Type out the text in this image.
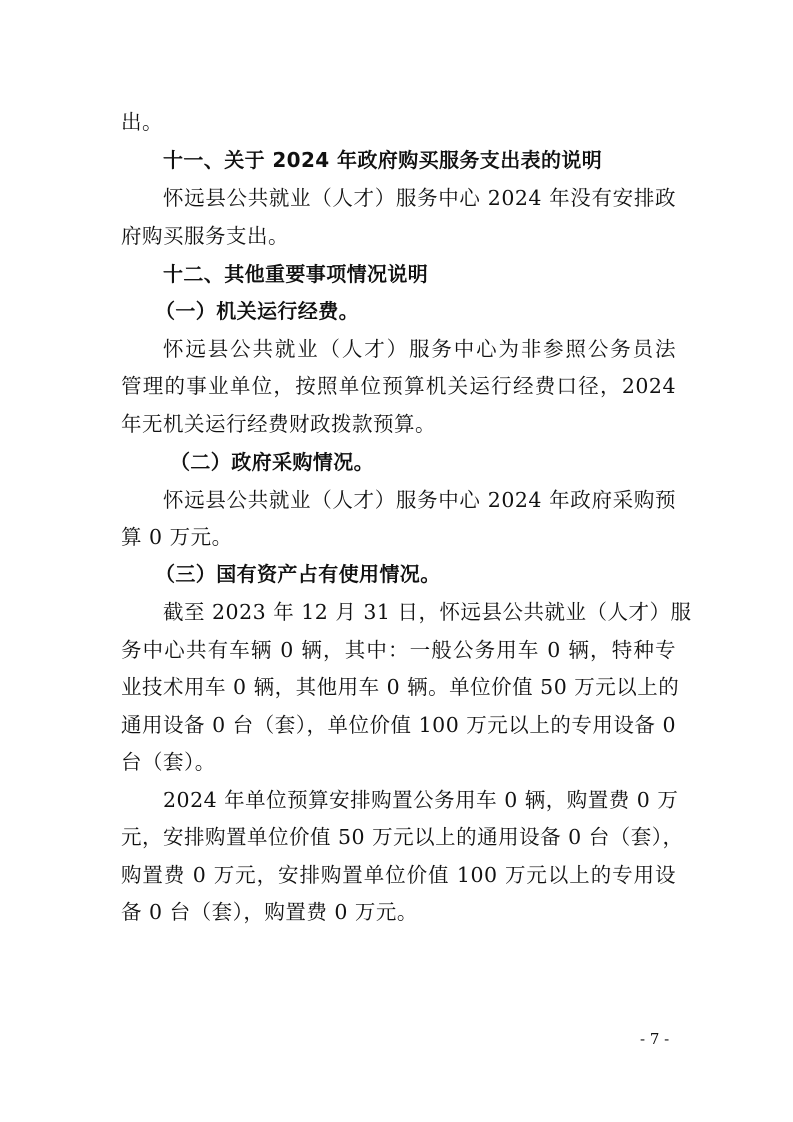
出。
十一、关于 2024 年政府购买服务支出表的说明
怀远县公共就业（人才）服务中心 2024 年没有安排政
府购买服务支出。
十二、其他重要事项情况说明
（一）机关运行经费。
怀远县公共就业（人才）服务中心为非参照公务员法
管理的事业单位，按照单位预算机关运行经费口径，2024
年无机关运行经费财政拨款预算。
（二）政府采购情况。
怀远县公共就业（人才）服务中心 2024 年政府采购预
算 0 万元。
（三）国有资产占有使用情况。
截至 2023 年 12 月 31 日，怀远县公共就业（人才）服
务中心共有车辆 0 辆，其中：一般公务用车 0 辆，特种专
业技术用车 0 辆，其他用车 0 辆。单位价值 50 万元以上的
通用设备 0 台（套），单位价值 100 万元以上的专用设备 0
台（套）。
2024 年单位预算安排购置公务用车 0 辆，购置费 0 万
元，安排购置单位价值 50 万元以上的通用设备 0 台（套），
购置费 0 万元，安排购置单位价值 100 万元以上的专用设
备 0 台（套），购置费 0 万元。
- 7 -
